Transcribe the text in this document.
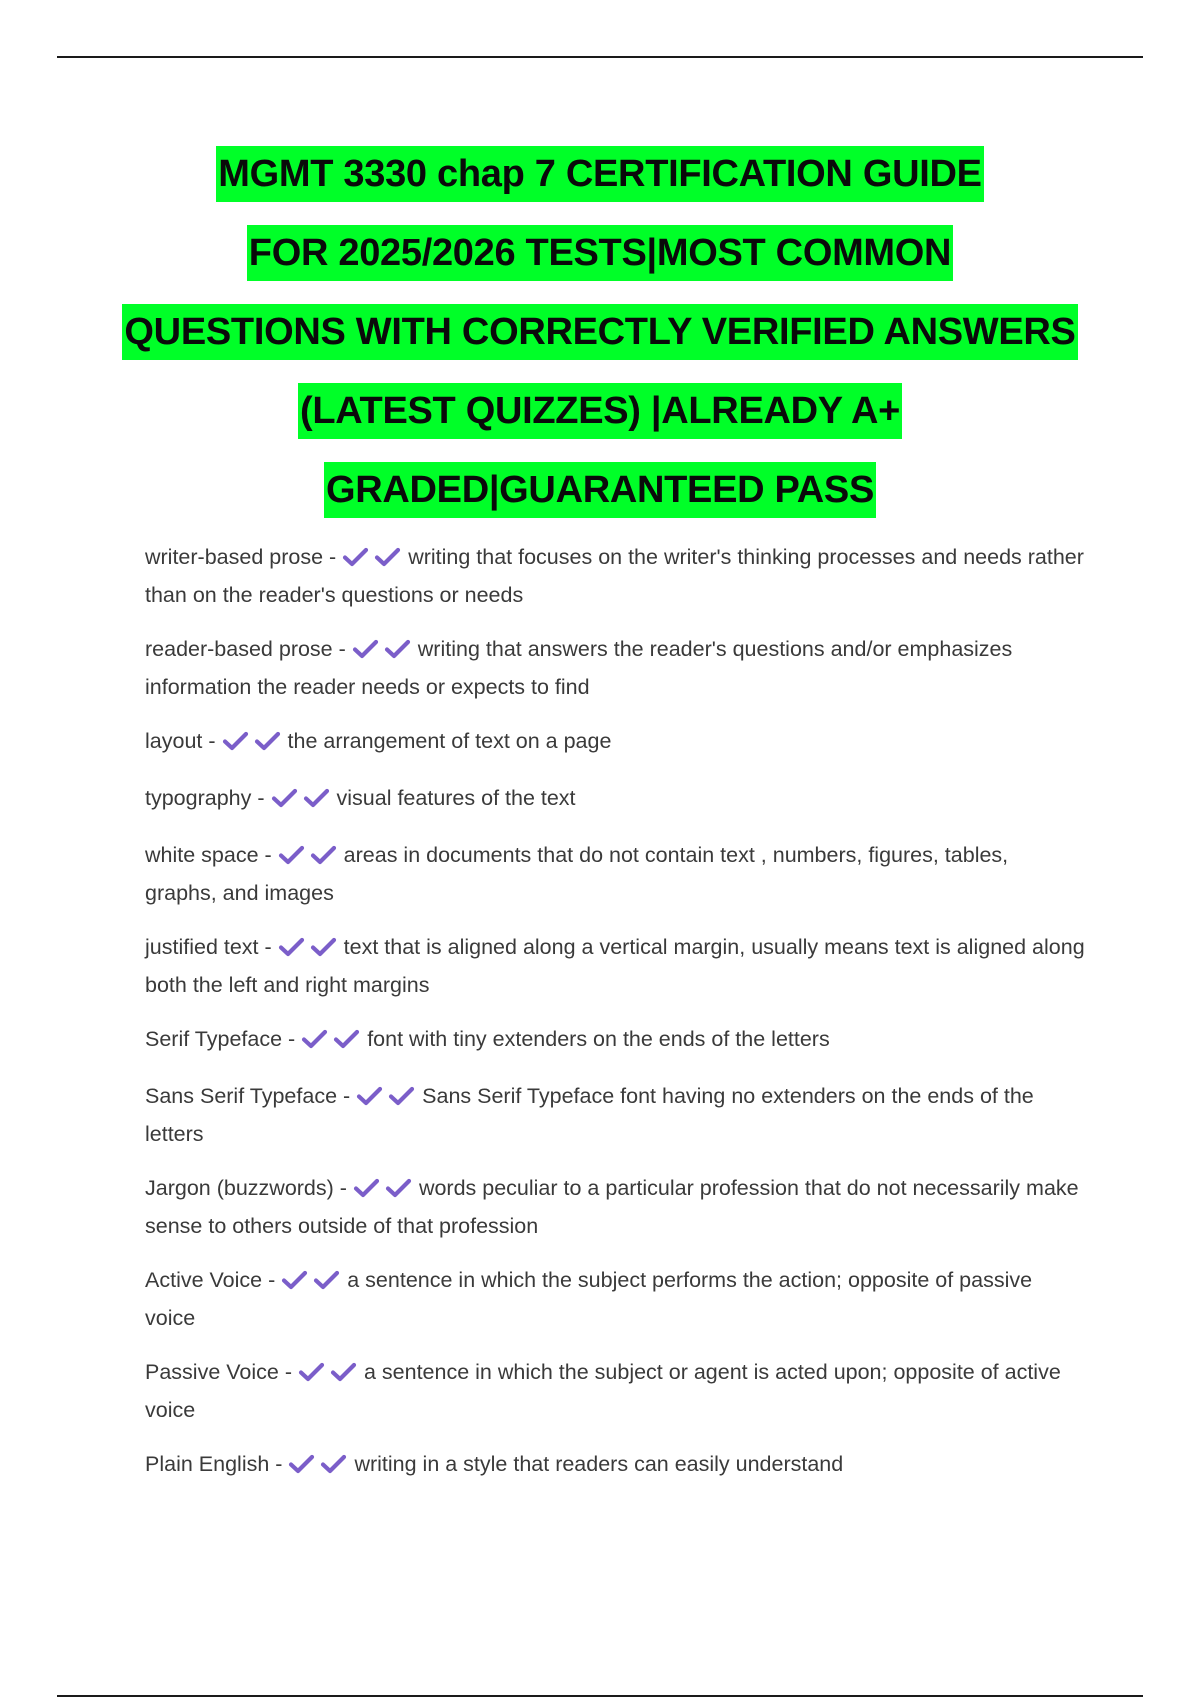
MGMT 3330 chap 7 CERTIFICATION GUIDE
FOR 2025/2026 TESTS|MOST COMMON
QUESTIONS WITH CORRECTLY VERIFIED ANSWERS
(LATEST QUIZZES) |ALREADY A+
GRADED|GUARANTEED PASS
writer-based prose -	writing that focuses on the writer's thinking processes and needs rather than on the reader's questions or needs
reader-based prose -	writing that answers the reader's questions and/or emphasizes information the reader needs or expects to find
layout -	the arrangement of text on a page
typography -	visual features of the text
white space -	areas in documents that do not contain text , numbers, figures, tables, graphs, and images
justified text -	text that is aligned along a vertical margin, usually means text is aligned along both the left and right margins
Serif Typeface -	font with tiny extenders on the ends of the letters
Sans Serif Typeface -	Sans Serif Typeface font having no extenders on the ends of the letters
Jargon (buzzwords) -	words peculiar to a particular profession that do not necessarily make sense to others outside of that profession
Active Voice -	a sentence in which the subject performs the action; opposite of passive voice
Passive Voice -	a sentence in which the subject or agent is acted upon; opposite of active voice
Plain English -	writing in a style that readers can easily understand
